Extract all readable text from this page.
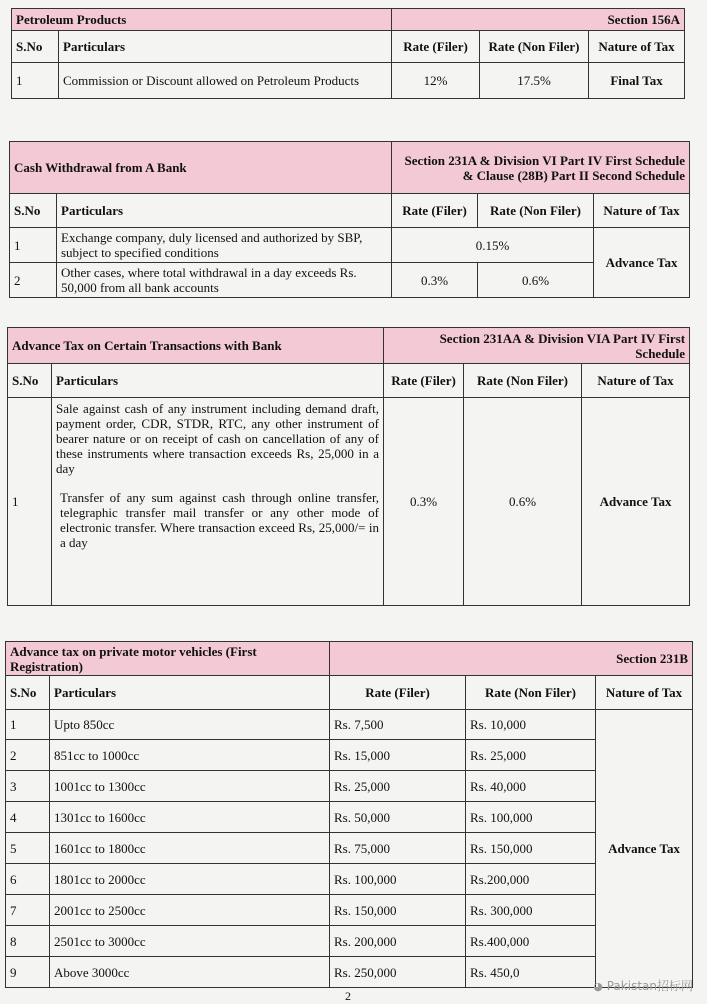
Petroleum Products		Section 156A		
S.No	Particulars	Rate (Filer)	Rate (Non Filer)	Nature of Tax
1	Commission or Discount allowed on Petroleum Products	12%	17.5%	Final Tax
Cash Withdrawal from A Bank		Section 231A & Division VI Part IV First Schedule & Clause (28B) Part II Second Schedule		
S.No	Particulars	Rate (Filer)	Rate (Non Filer)	Nature of Tax
1	Exchange company, duly licensed and authorized by SBP, subject to specified conditions	0.15%		Advance Tax
2	Other cases, where total withdrawal in a day exceeds Rs. 50,000 from all bank accounts	0.3%	0.6%	
Advance Tax on Certain Transactions with Bank		Section 231AA & Division VIA Part IV First Schedule		
S.No	Particulars	Rate (Filer)	Rate (Non Filer)	Nature of Tax
1	Sale against cash of any instrument including demand draft, payment order, CDR, STDR, RTC, any other instrument of bearer nature or on receipt of cash on cancellation of any of these instruments where transaction exceeds Rs, 25,000 in a day
Transfer of any sum against cash through online transfer, telegraphic transfer mail transfer or any other mode of electronic transfer. Where transaction exceed Rs, 25,000/= in a day	0.3%	0.6%	Advance Tax
Advance tax on private motor vehicles (First Registration)		Section 231B		
S.No	Particulars	Rate (Filer)	Rate (Non Filer)	Nature of Tax
1	Upto 850cc	Rs. 7,500	Rs. 10,000	Advance Tax
2	851cc to 1000cc	Rs. 15,000	Rs. 25,000	
3	1001cc to 1300cc	Rs. 25,000	Rs. 40,000	
4	1301cc to 1600cc	Rs. 50,000	Rs. 100,000	
5	1601cc to 1800cc	Rs. 75,000	Rs. 150,000	
6	1801cc to 2000cc	Rs. 100,000	Rs.200,000	
7	2001cc to 2500cc	Rs. 150,000	Rs. 300,000	
8	2501cc to 3000cc	Rs. 200,000	Rs.400,000	
9	Above 3000cc	Rs. 250,000	Rs. 450,0	
◕ Pakistan招标网
2
